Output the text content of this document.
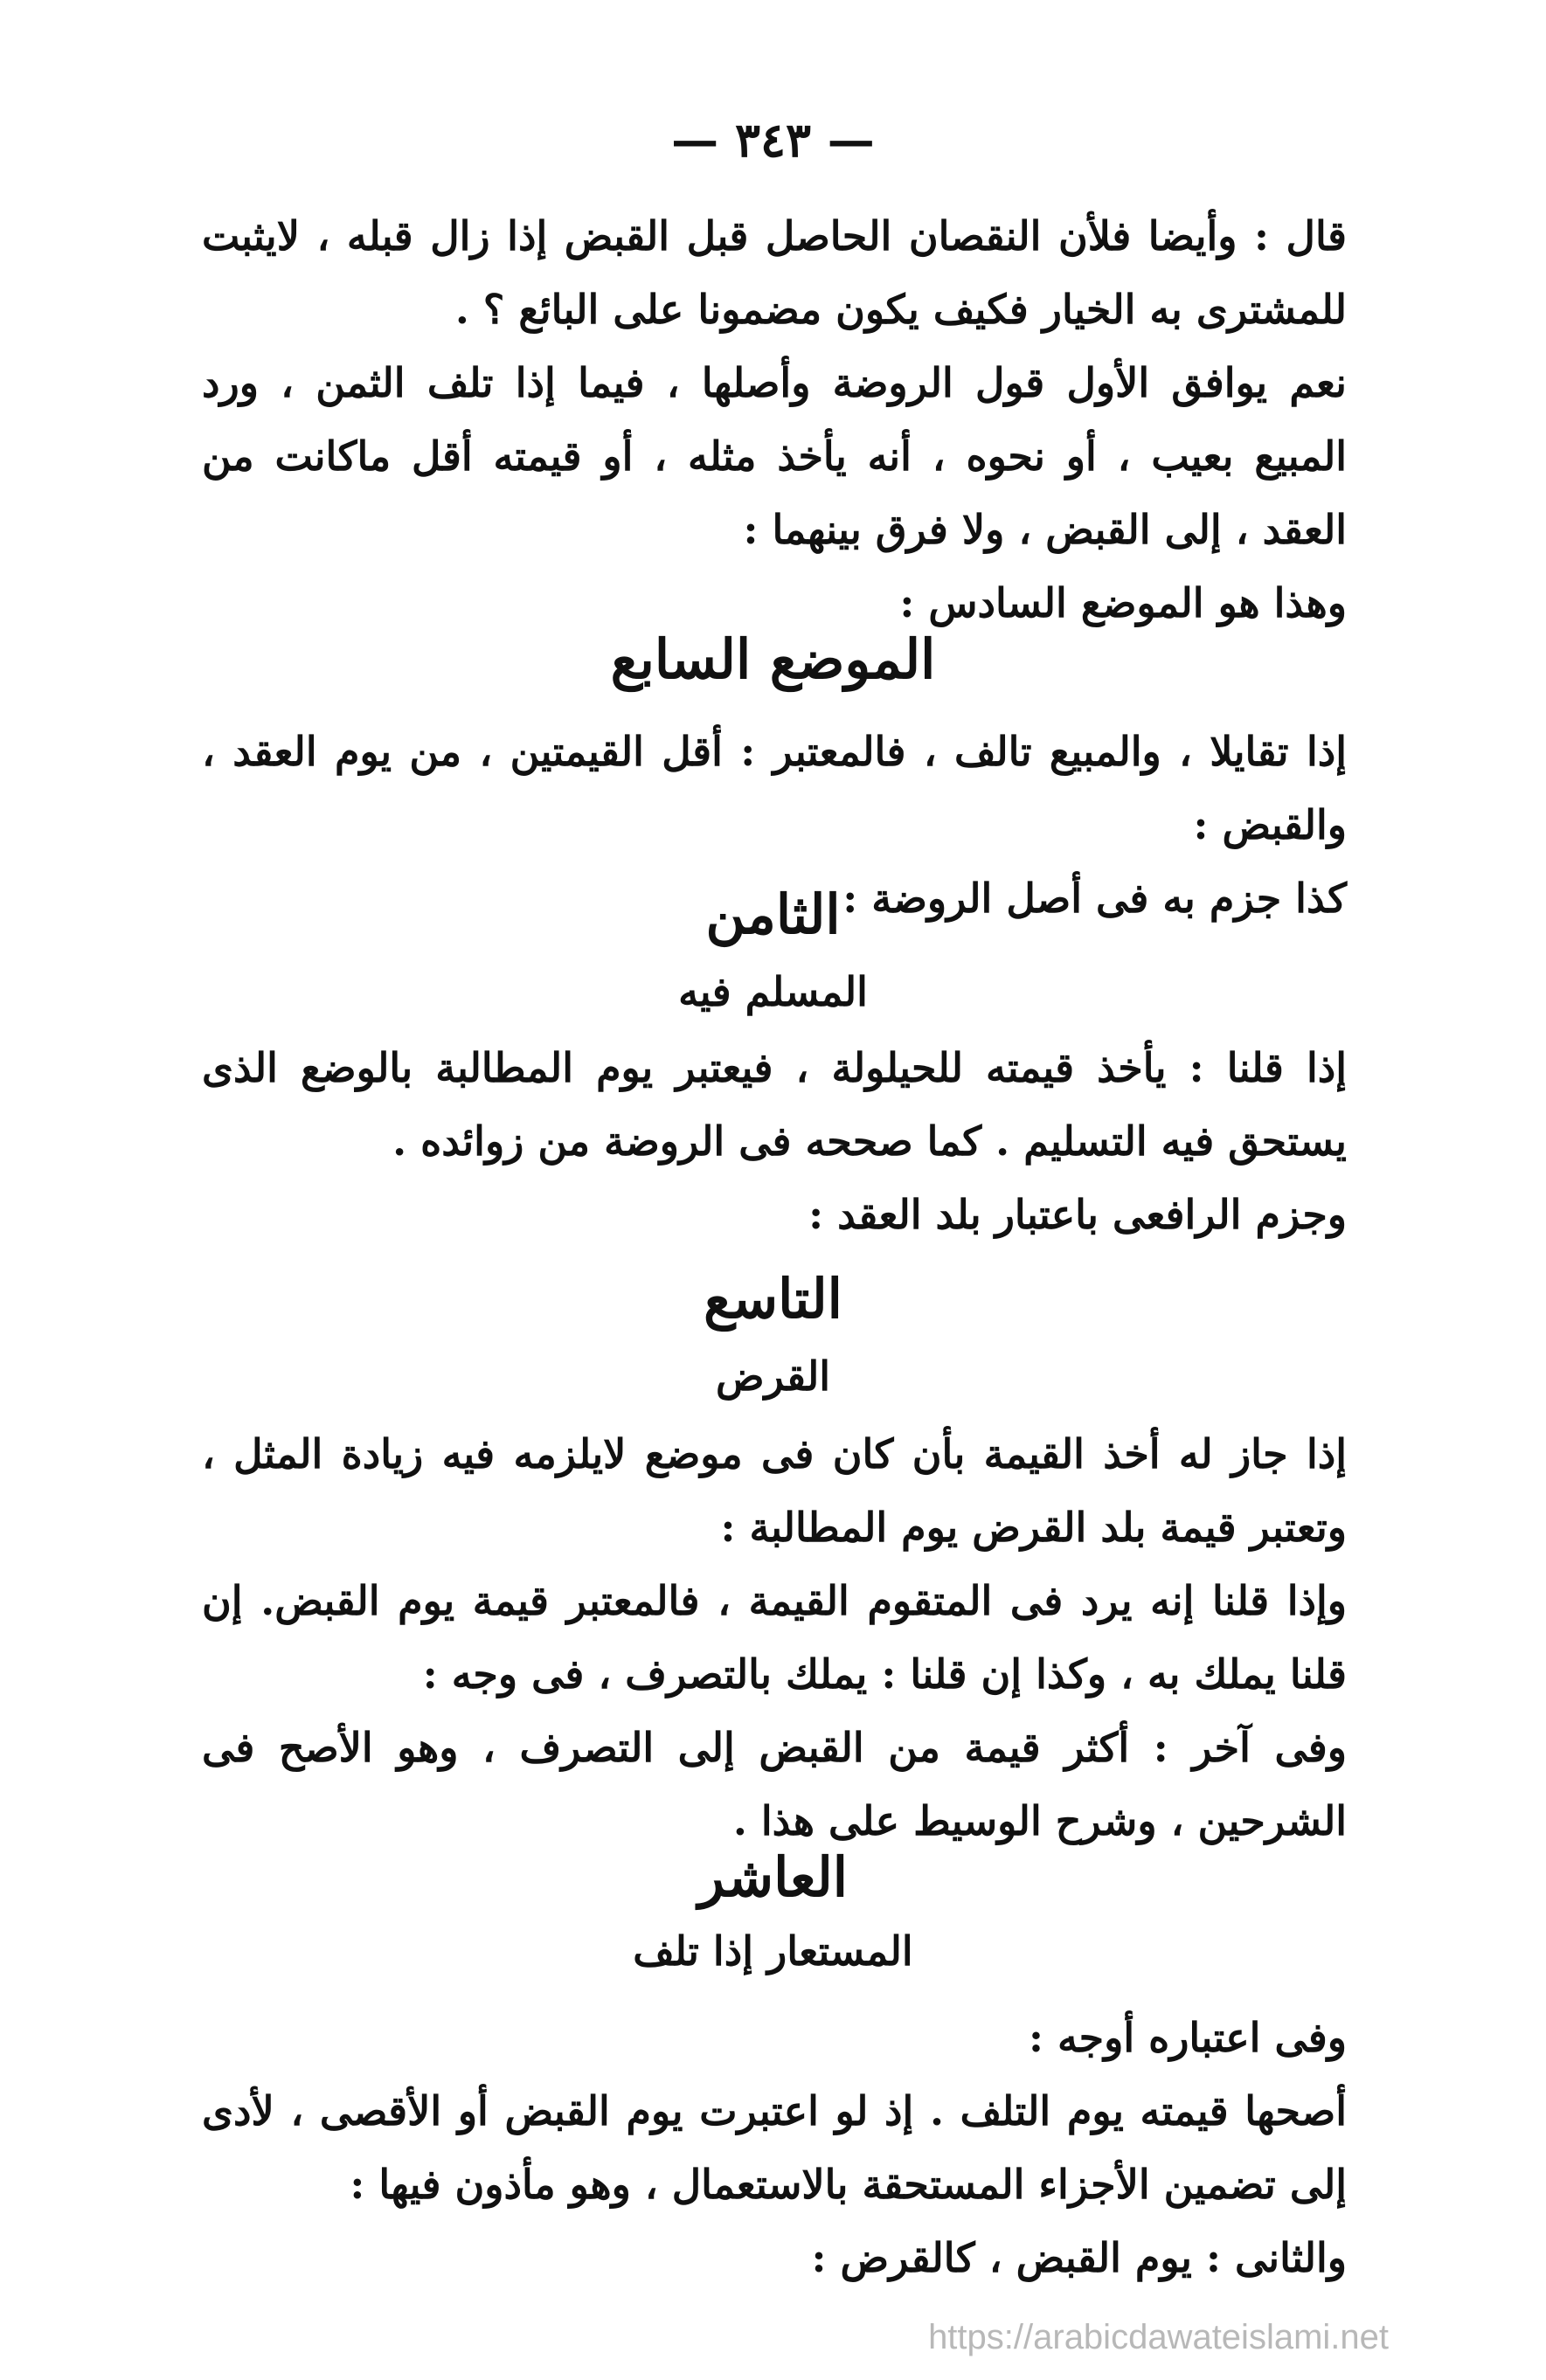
— ٣٤٣ —

قال : وأيضا فلأن النقصان الحاصل قبل القبض إذا زال قبله ، لايثبت للمشترى به الخيار فكيف يكون مضمونا على البائع ؟ .

نعم يوافق الأول قول الروضة وأصلها ، فيما إذا تلف الثمن ، ورد المبيع بعيب ، أو نحوه ، أنه يأخذ مثله ، أو قيمته أقل ماكانت من العقد ، إلى القبض ، ولا فرق بينهما :

وهذا هو الموضع السادس :

الموضع السابع

إذا تقايلا ، والمبيع تالف ، فالمعتبر : أقل القيمتين ، من يوم العقد ، والقبض :

كذا جزم به فى أصل الروضة :

الثامن
المسلم فيه

إذا قلنا : يأخذ قيمته للحيلولة ، فيعتبر يوم المطالبة بالوضع الذى يستحق فيه التسليم . كما صححه فى الروضة من زوائده .

وجزم الرافعى باعتبار بلد العقد :

التاسع
القرض

إذا جاز له أخذ القيمة بأن كان فى موضع لايلزمه فيه زيادة المثل ، وتعتبر قيمة بلد القرض يوم المطالبة :

وإذا قلنا إنه يرد فى المتقوم القيمة ، فالمعتبر قيمة يوم القبض. إن قلنا يملك به ، وكذا إن قلنا : يملك بالتصرف ، فى وجه :

وفى آخر : أكثر قيمة من القبض إلى التصرف ، وهو الأصح فى الشرحين ، وشرح الوسيط على هذا .

العاشر
المستعار إذا تلف

وفى اعتباره أوجه :

أصحها قيمته يوم التلف . إذ لو اعتبرت يوم القبض أو الأقصى ، لأدى إلى تضمين الأجزاء المستحقة بالاستعمال ، وهو مأذون فيها :

والثانى : يوم القبض ، كالقرض :

https://arabicdawateislami.net
